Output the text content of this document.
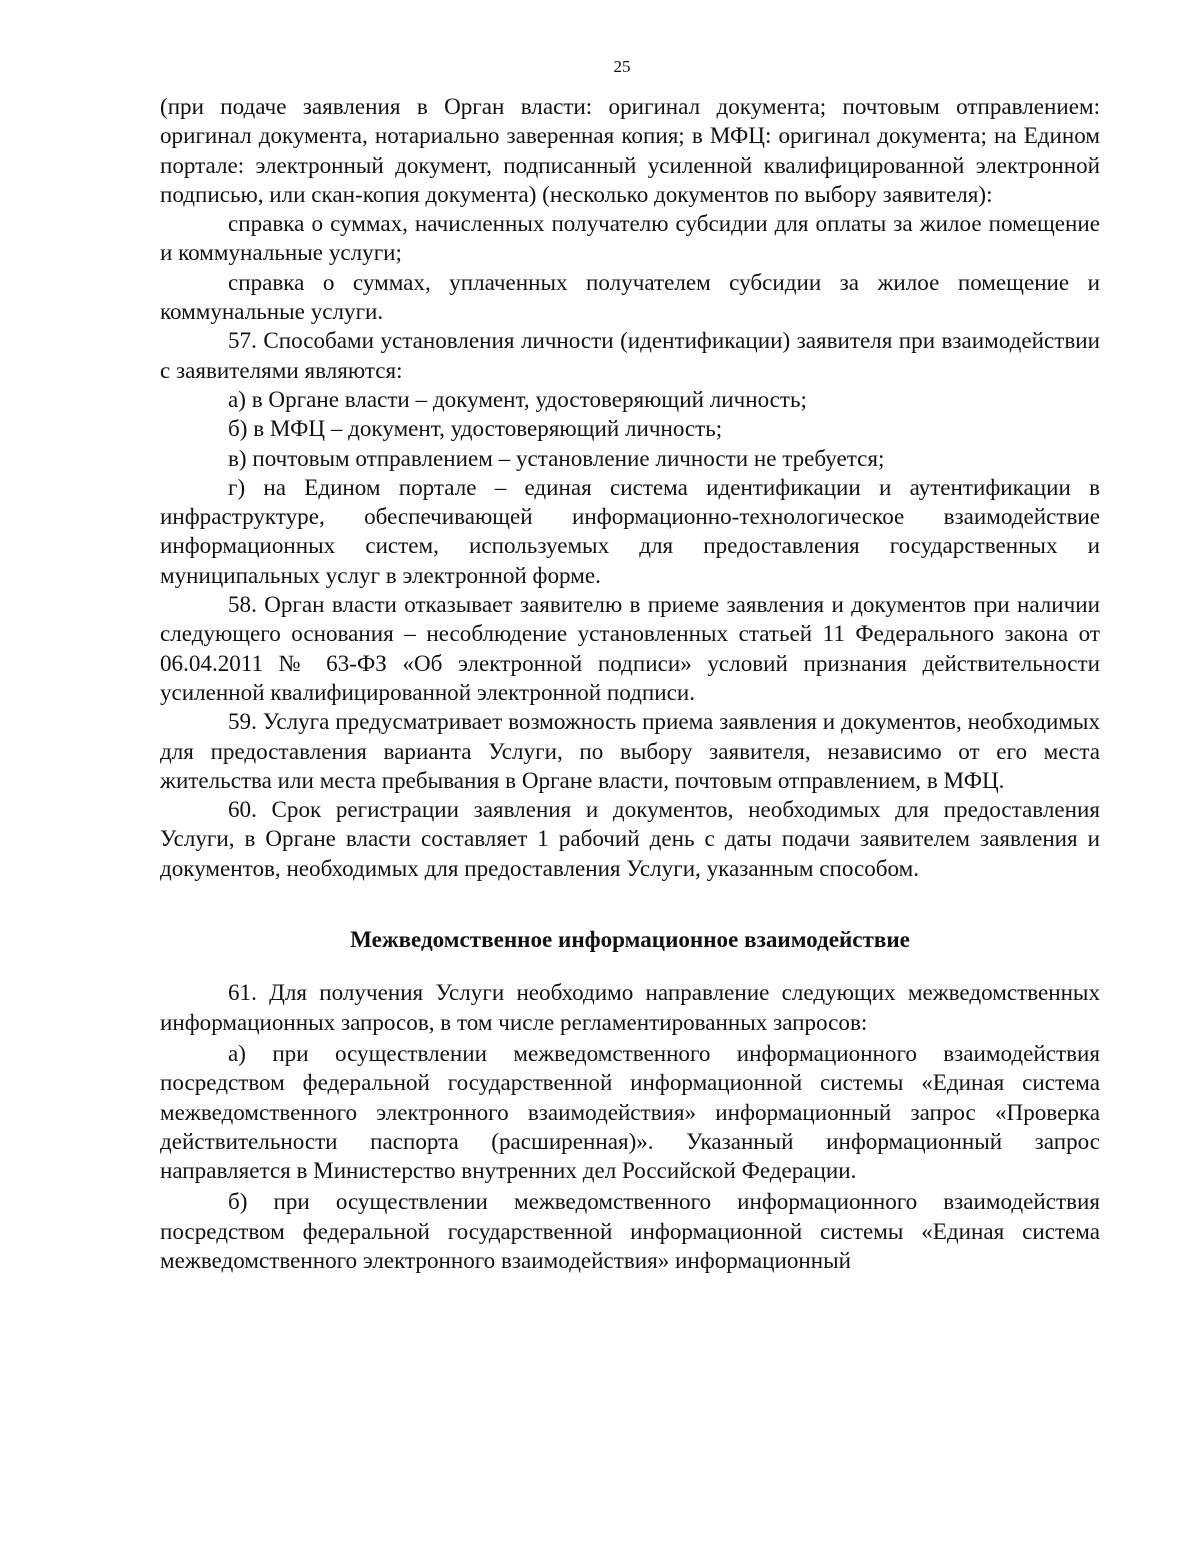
25

(при подаче заявления в Орган власти: оригинал документа; почтовым отправлением: оригинал документа, нотариально заверенная копия; в МФЦ: оригинал документа; на Едином портале: электронный документ, подписанный усиленной квалифицированной электронной подписью, или скан-копия документа) (несколько документов по выбору заявителя):

справка о суммах, начисленных получателю субсидии для оплаты за жилое помещение и коммунальные услуги;

справка о суммах, уплаченных получателем субсидии за жилое помещение и коммунальные услуги.

57. Способами установления личности (идентификации) заявителя при взаимодействии с заявителями являются:

а) в Органе власти – документ, удостоверяющий личность;

б) в МФЦ – документ, удостоверяющий личность;

в) почтовым отправлением – установление личности не требуется;

г) на Едином портале – единая система идентификации и аутентификации в инфраструктуре, обеспечивающей информационно-технологическое взаимодействие информационных систем, используемых для предоставления государственных и муниципальных услуг в электронной форме.

58. Орган власти отказывает заявителю в приеме заявления и документов при наличии следующего основания – несоблюдение установленных статьей 11 Федерального закона от 06.04.2011 № 63-ФЗ «Об электронной подписи» условий признания действительности усиленной квалифицированной электронной подписи.

59. Услуга предусматривает возможность приема заявления и документов, необходимых для предоставления варианта Услуги, по выбору заявителя, независимо от его места жительства или места пребывания в Органе власти, почтовым отправлением, в МФЦ.

60. Срок регистрации заявления и документов, необходимых для предоставления Услуги, в Органе власти составляет 1 рабочий день с даты подачи заявителем заявления и документов, необходимых для предоставления Услуги, указанным способом.

Межведомственное информационное взаимодействие

61. Для получения Услуги необходимо направление следующих межведомственных информационных запросов, в том числе регламентированных запросов:

а) при осуществлении межведомственного информационного взаимодействия посредством федеральной государственной информационной системы «Единая система межведомственного электронного взаимодействия» информационный запрос «Проверка действительности паспорта (расширенная)». Указанный информационный запрос направляется в Министерство внутренних дел Российской Федерации.

б) при осуществлении межведомственного информационного взаимодействия посредством федеральной государственной информационной системы «Единая система межведомственного электронного взаимодействия» информационный
